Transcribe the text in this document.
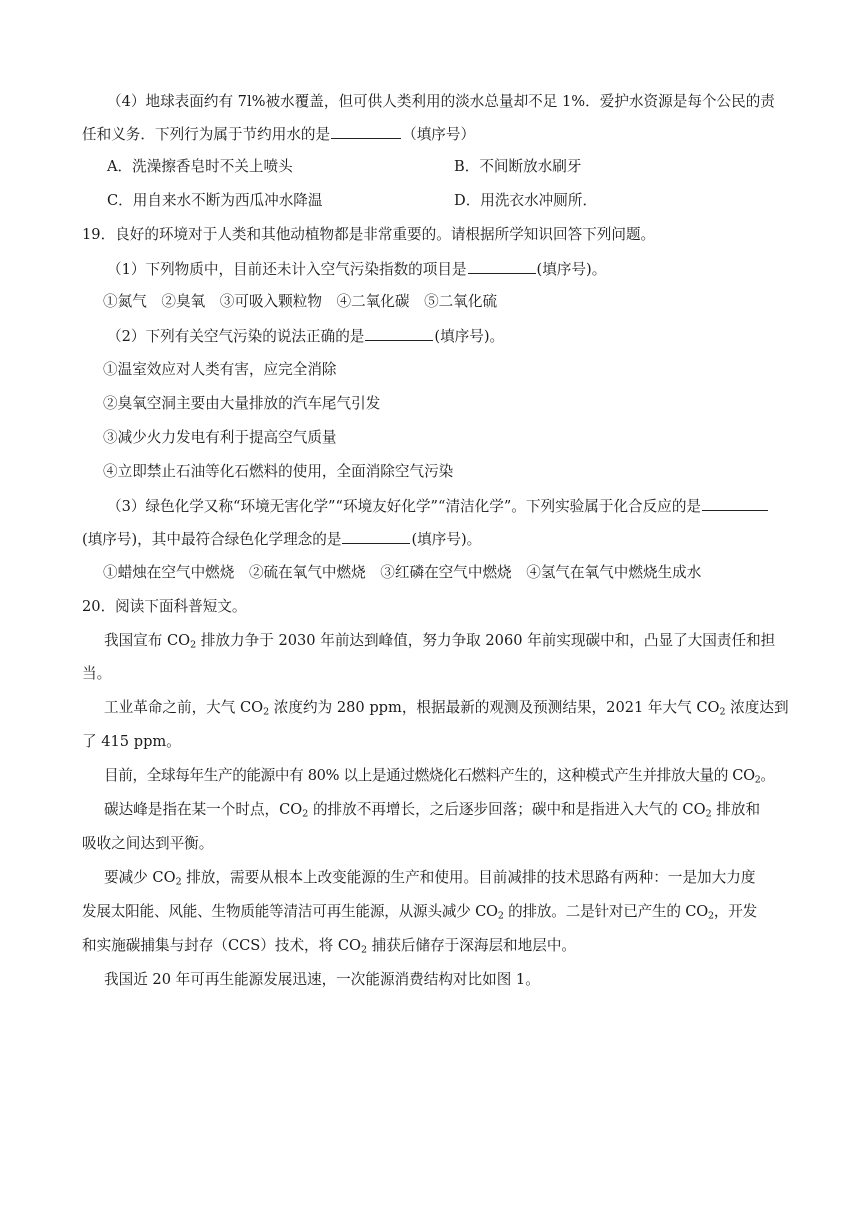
（4）地球表面约有 7l%被水覆盖，但可供人类利用的淡水总量却不足 1%．爱护水资源是每个公民的责
任和义务．下列行为属于节约用水的是	（填序号）
A．洗澡擦香皂时不关上喷头	B．不间断放水刷牙
C．用自来水不断为西瓜冲水降温	D．用洗衣水冲厕所．
19．良好的环境对于人类和其他动植物都是非常重要的。请根据所学知识回答下列问题。
（1）下列物质中，目前还未计入空气污染指数的项目是	(填序号)。
①氮气　②臭氧　③可吸入颗粒物　④二氧化碳　⑤二氧化硫
（2）下列有关空气污染的说法正确的是	(填序号)。
①温室效应对人类有害，应完全消除
②臭氧空洞主要由大量排放的汽车尾气引发
③减少火力发电有利于提高空气质量
④立即禁止石油等化石燃料的使用，全面消除空气污染
（3）绿色化学又称“环境无害化学”“环境友好化学”“清洁化学”。下列实验属于化合反应的是
(填序号)，其中最符合绿色化学理念的是	(填序号)。
①蜡烛在空气中燃烧　②硫在氧气中燃烧　③红磷在空气中燃烧　④氢气在氧气中燃烧生成水
20．阅读下面科普短文。
我国宣布 $CO_2$ 排放力争于 2030 年前达到峰值，努力争取 2060 年前实现碳中和，凸显了大国责任和担
当。
工业革命之前，大气 $CO_2$ 浓度约为 280 ppm，根据最新的观测及预测结果，2021 年大气 $CO_2$ 浓度达到
了 415 ppm。
目前，全球每年生产的能源中有 80% 以上是通过燃烧化石燃料产生的，这种模式产生并排放大量的 $CO_2$。
碳达峰是指在某一个时点，$CO_2$ 的排放不再增长，之后逐步回落；碳中和是指进入大气的 $CO_2$ 排放和
吸收之间达到平衡。
要减少 $CO_2$ 排放，需要从根本上改变能源的生产和使用。目前减排的技术思路有两种：一是加大力度
发展太阳能、风能、生物质能等清洁可再生能源，从源头减少 $CO_2$ 的排放。二是针对已产生的 $CO_2$，开发
和实施碳捕集与封存（CCS）技术，将 $CO_2$ 捕获后储存于深海层和地层中。
我国近 20 年可再生能源发展迅速，一次能源消费结构对比如图 1。
